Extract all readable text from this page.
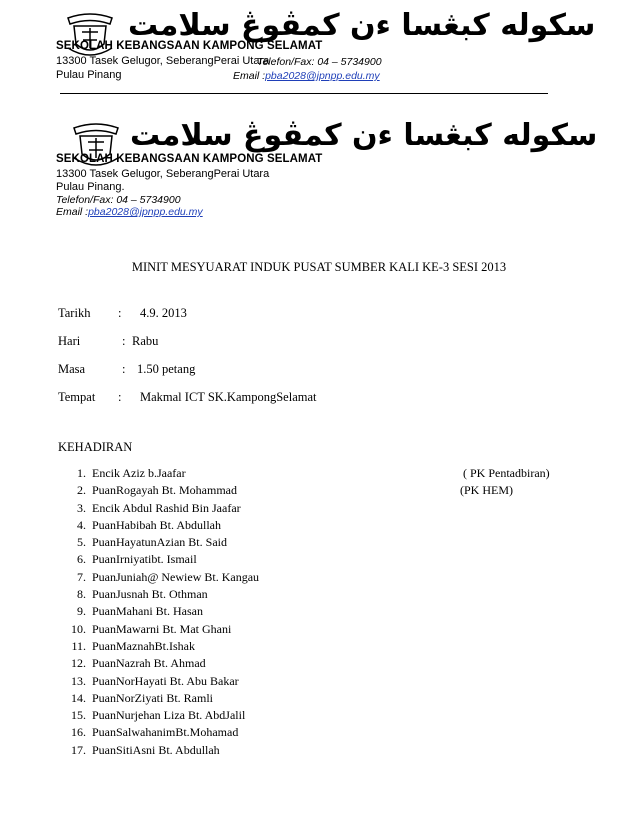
سکوله کبڠسا ءن کمڤوڠ سلامت
SEKOLAH KEBANGSAAN KAMPONG SELAMAT
13300 Tasek Gelugor, SeberangPerai Utara
Telefon/Fax: 04 – 5734900
Pulau Pinang	Email :pba2028@jpnpp.edu.my
سکوله کبڠسا ءن کمڤوڠ سلامت
SEKOLAH KEBANGSAAN KAMPONG SELAMAT
13300 Tasek Gelugor, SeberangPerai Utara
Pulau Pinang.
Telefon/Fax: 04 – 5734900
Email :pba2028@jpnpp.edu.my
MINIT MESYUARAT INDUK PUSAT SUMBER KALI KE-3 SESI 2013
Tarikh : 4.9. 2013
Hari	: Rabu
Masa	: 1.50 petang
Tempat : Makmal ICT SK.KampongSelamat
KEHADIRAN
1. Encik Aziz b.Jaafar	( PK Pentadbiran)
2. PuanRogayah Bt. Mohammad	(PK HEM)
3. Encik Abdul Rashid Bin Jaafar
4. PuanHabibah Bt. Abdullah
5. PuanHayatunAzian Bt. Said
6. PuanIrniyatibt. Ismail
7. PuanJuniah@ Newiew Bt. Kangau
8. PuanJusnah Bt. Othman
9. PuanMahani Bt. Hasan
10. PuanMawarni Bt. Mat Ghani
11. PuanMaznahBt.Ishak
12. PuanNazrah Bt. Ahmad
13. PuanNorHayati Bt. Abu Bakar
14. PuanNorZiyati Bt. Ramli
15. PuanNurjehan Liza Bt. AbdJalil
16. PuanSalwahanimBt.Mohamad
17. PuanSitiAsni Bt. Abdullah
